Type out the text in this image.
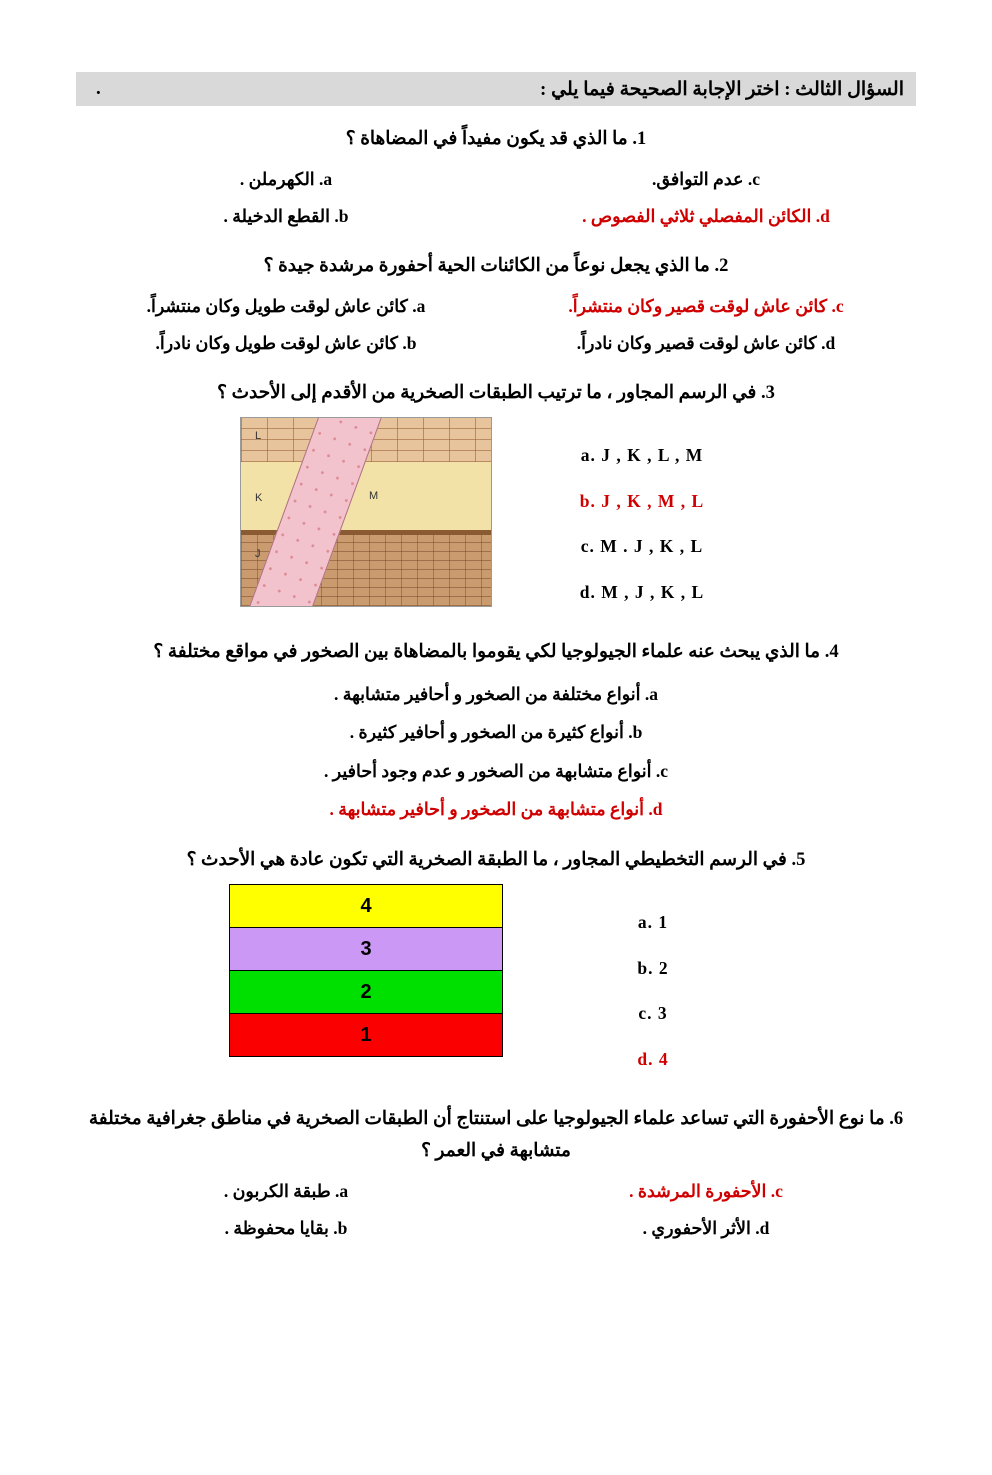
السؤال الثالث : اختر الإجابة الصحيحة فيما يلي :
.
1. ما الذي قد يكون مفيداً في المضاهاة ؟
c. عدم التوافق.
a. الكهرملن .
d. الكائن المفصلي ثلاثي الفصوص .
b. القطع الدخيلة .
2. ما الذي يجعل نوعاً من الكائنات الحية أحفورة مرشدة جيدة ؟
c. كائن عاش لوقت قصير وكان منتشراً.
a. كائن عاش لوقت طويل وكان منتشراً.
d. كائن عاش لوقت قصير وكان نادراً.
b. كائن عاش لوقت طويل وكان نادراً.
3. في الرسم المجاور ، ما ترتيب الطبقات الصخرية من الأقدم إلى الأحدث ؟
a. J , K , L , M
b. J , K , M , L
c. M . J , K , L
d. M , J , K , L
L
K
J
M
4. ما الذي يبحث عنه علماء الجيولوجيا لكي يقوموا بالمضاهاة بين الصخور في مواقع مختلفة ؟
a. أنواع مختلفة من الصخور و أحافير متشابهة .
b. أنواع كثيرة من الصخور و أحافير كثيرة .
c. أنواع متشابهة من الصخور و عدم وجود أحافير .
d. أنواع متشابهة من الصخور و أحافير متشابهة .
5. في الرسم التخطيطي المجاور ، ما الطبقة الصخرية التي تكون عادة هي الأحدث ؟
a. 1
b. 2
c. 3
d. 4
4
3
2
1
6. ما نوع الأحفورة التي تساعد علماء الجيولوجيا على استنتاج أن الطبقات الصخرية في مناطق جغرافية مختلفة متشابهة في العمر ؟
c. الأحفورة المرشدة .
a. طبقة الكربون .
d. الأثر الأحفوري .
b. بقايا محفوظة .
